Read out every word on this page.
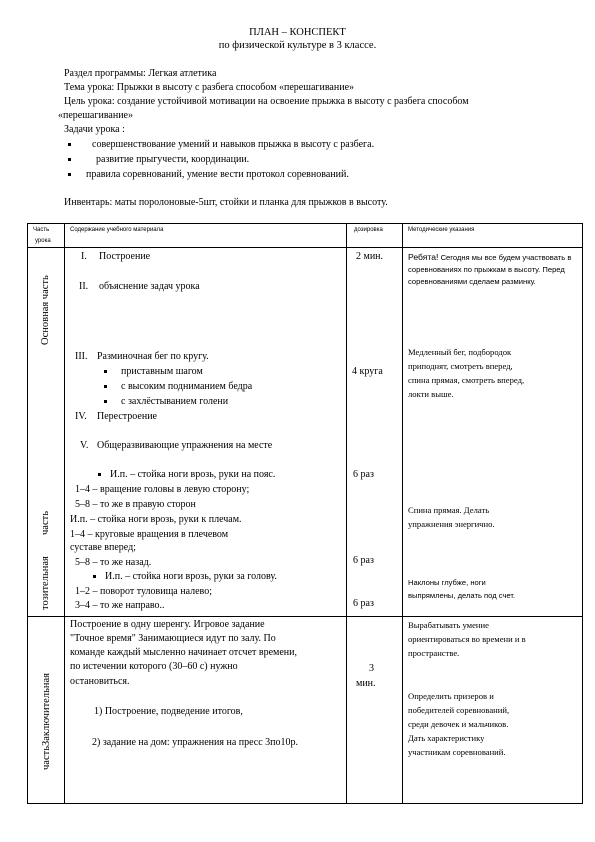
ПЛАН – КОНСПЕКТ
по физической культуре в 3 классе.
Раздел программы: Легкая атлетика
Тема урока: Прыжки в высоту с разбега способом «перешагивание»
Цель урока: создание устойчивой мотивации на освоение прыжка в высоту с разбега способом
«перешагивание»
Задачи урока :
совершенствование умений и навыков прыжка в высоту с разбега.
развитие прыгучести, координации.
правила соревнований, умение вести протокол соревнований.
Инвентарь: маты поролоновые-5шт, стойки и планка для прыжков в высоту.
Часть
урока
Содержание учебного материала	дозировка	Методические указания
Основная часть
часть
тозительная
частьЗаключительная
I. Построение
II. объяснение задач урока
III. Разминочная бег по кругу.
приставным шагом
с высоким подниманием бедра
с захлёстыванием голени
IV. Перестроение
V. Общеразвивающие упражнения на месте
И.п. – стойка ноги врозь, руки на пояс.
1–4 – вращение головы в левую сторону;
5–8 – то же в правую сторон
И.п. – стойка ноги врозь, руки к плечам.
1–4 – круговые вращения в плечевом
суставе вперед;
5–8 – то же назад.
И.п. – стойка ноги врозь, руки за голову.
1–2 – поворот туловища налево;
3–4 – то же направо..
Построение в одну шеренгу. Игровое задание
"Точное время" Занимающиеся идут по залу. По
команде каждый мысленно начинает отсчет времени,
по истечении которого (30–60 с) нужно
остановиться.
1) Построение, подведение итогов,
2) задание на дом: упражнения на пресс 3по10р.
2 мин.
4 круга
6 раз
6 раз
6 раз
3
мин.
Ребята! Сегодня мы все будем участвовать в соревнованиях по прыжкам в высоту. Перед соревнованиями сделаем разминку.
Медленный бег, подбородок
приподнят, смотреть вперед,
спина прямая, смотреть вперед,
локти выше.
Спина прямая. Делать
упражнения энергично.
Наклоны глубже, ноги
выпрямлены, делать под счет.
Вырабатывать умение
ориентироваться во времени и в
пространстве.
Определить призеров и
победителей соревнований,
среди девочек и мальчиков.
Дать характеристику
участникам соревнований.
